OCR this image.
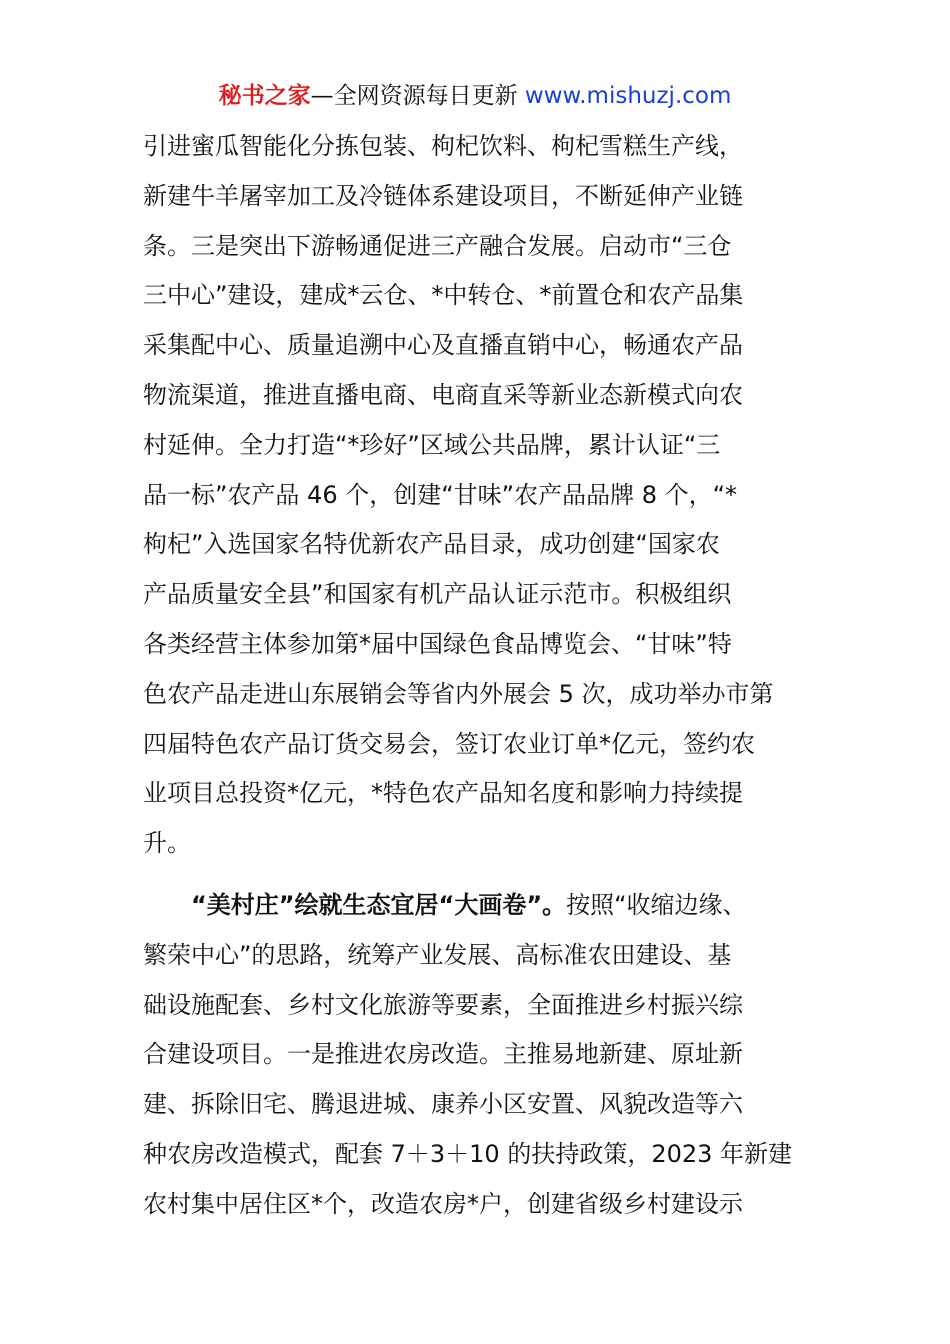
秘书之家—全网资源每日更新 www.mishuzj.com
引进蜜瓜智能化分拣包装、枸杞饮料、枸杞雪糕生产线，
新建牛羊屠宰加工及冷链体系建设项目，不断延伸产业链
条。三是突出下游畅通促进三产融合发展。启动市“三仓
三中心”建设，建成*云仓、*中转仓、*前置仓和农产品集
采集配中心、质量追溯中心及直播直销中心，畅通农产品
物流渠道，推进直播电商、电商直采等新业态新模式向农
村延伸。全力打造“*珍好”区域公共品牌，累计认证“三
品一标”农产品 46 个，创建“甘味”农产品品牌 8 个，“*
枸杞”入选国家名特优新农产品目录，成功创建“国家农
产品质量安全县”和国家有机产品认证示范市。积极组织
各类经营主体参加第*届中国绿色食品博览会、“甘味”特
色农产品走进山东展销会等省内外展会 5 次，成功举办市第
四届特色农产品订货交易会，签订农业订单*亿元，签约农
业项目总投资*亿元，*特色农产品知名度和影响力持续提
升。
“美村庄”绘就生态宜居“大画卷”。按照“收缩边缘、
繁荣中心”的思路，统筹产业发展、高标准农田建设、基
础设施配套、乡村文化旅游等要素，全面推进乡村振兴综
合建设项目。一是推进农房改造。主推易地新建、原址新
建、拆除旧宅、腾退进城、康养小区安置、风貌改造等六
种农房改造模式，配套 7＋3＋10 的扶持政策，2023 年新建
农村集中居住区*个，改造农房*户，创建省级乡村建设示
